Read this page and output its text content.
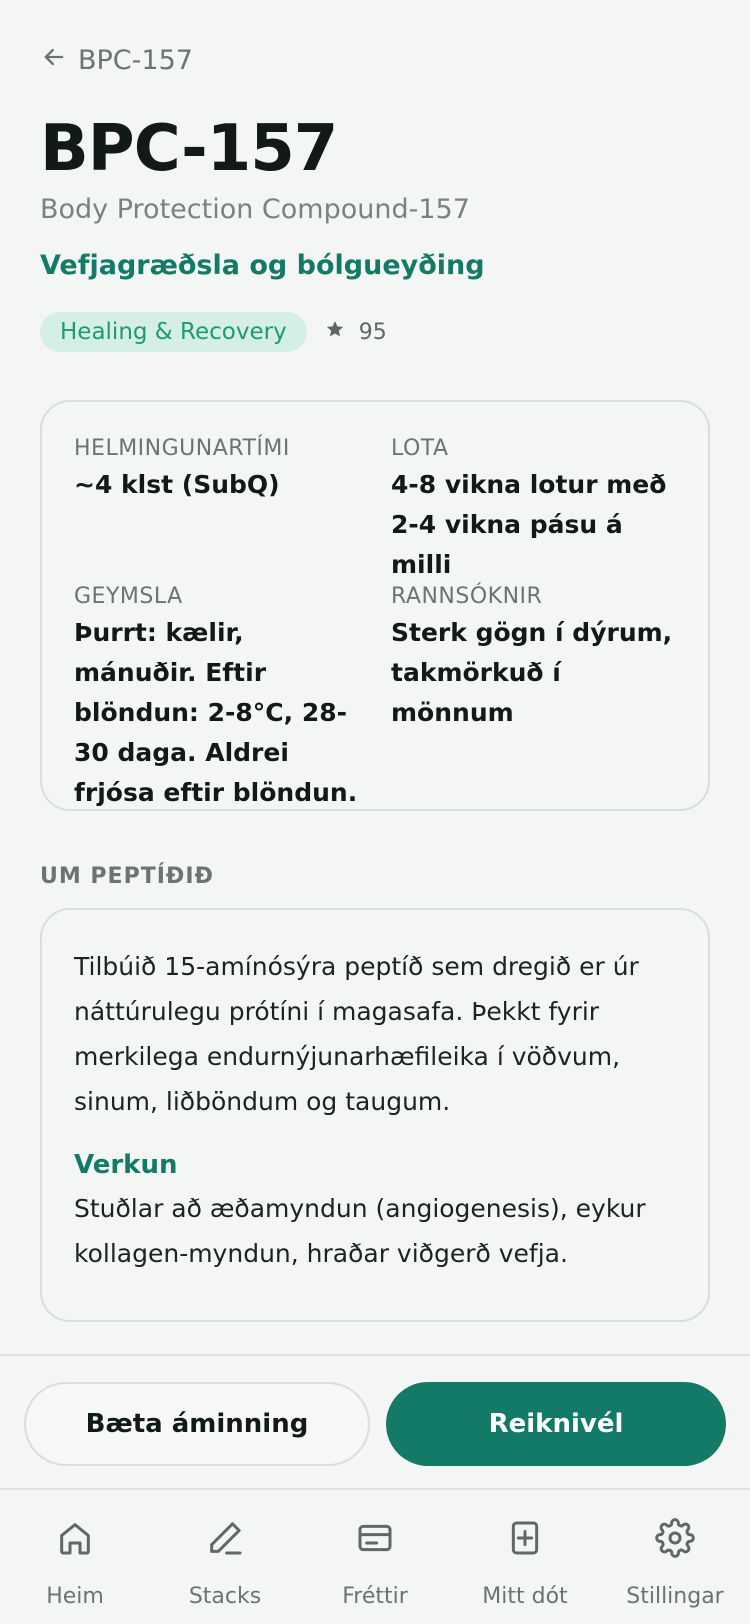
BPC-157
BPC-157
Body Protection Compound-157
Vefjagræðsla og bólgueyðing
Healing & Recovery	95
HELMINGUNARTÍMI
~4 klst (SubQ)
LOTA
4-8 vikna lotur með 2-4 vikna pásu á milli
GEYMSLA
Þurrt: kælir, mánuðir. Eftir blöndun: 2-8°C, 28-30 daga. Aldrei frjósa eftir blöndun.
RANNSÓKNIR
Sterk gögn í dýrum, takmörkuð í mönnum
UM PEPTÍÐIÐ
Tilbúið 15-amínósýra peptíð sem dregið er úr náttúrulegu prótíni í magasafa. Þekkt fyrir merkilega endurnýjunarhæfileika í vöðvum, sinum, liðböndum og taugum.
Verkun
Stuðlar að æðamyndun (angiogenesis), eykur kollagen-myndun, hraðar viðgerð vefja.
Bæta áminning	Reiknivél
Heim	Stacks	Fréttir	Mitt dót	Stillingar
